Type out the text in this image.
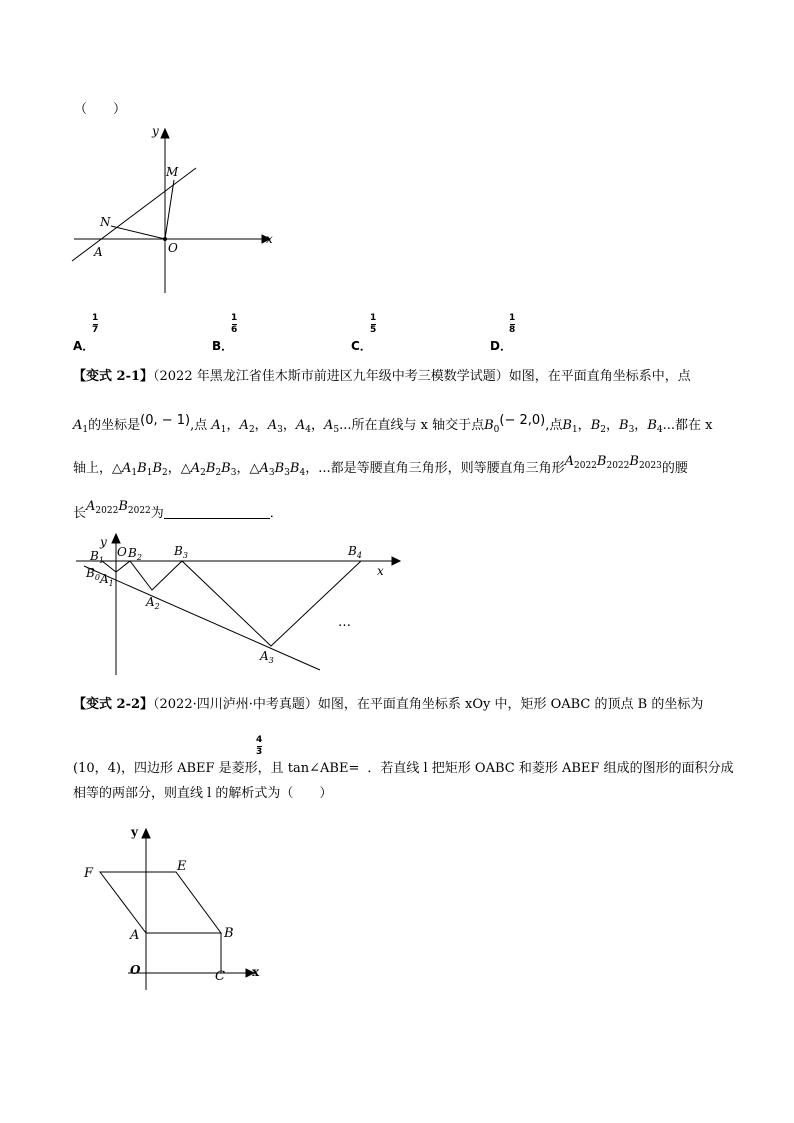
（　　）
y
x
M
N
O
A
A．
1
7
B．
1
6
C．
1
5
D．
1
8
【变式 2-1】（2022 年黑龙江省佳木斯市前进区九年级中考三模数学试题）如图，在平面直角坐标系中，点
$A_1$的坐标是(0, − 1),点 $A_1$，$A_2$，$A_3$，$A_4$，$A_5$...所在直线与 x 轴交于点$B_0(- 2,0)$,点$B_1$，$B_2$，$B_3$，$B_4$...都在 x
轴上，$\triangle A_1B_1B_2$，$\triangle A_2B_2B_3$，$\triangle A_3B_3B_4$，...都是等腰直角三角形，则等腰直角三角形$A_{2022}B_{2022}B_{2023}$的腰
长$A_{2022}B_{2022}$为	．
y
x
$B_1$
O $B_2$	$B_3$	$B_4$
$B_0$ $A_1$
$A_2$
$A_3$
…
【变式 2-2】（2022·四川泸州·中考真题）如图，在平面直角坐标系 xOy 中，矩形 OABC 的顶点 B 的坐标为
4
3
(10，4)，四边形 ABEF 是菱形，且 tan∠ABE= ．若直线 l 把矩形 OABC 和菱形 ABEF 组成的图形的面积分成
相等的两部分，则直线 l 的解析式为（　　）
y
x
F	E
A	B
O	C
